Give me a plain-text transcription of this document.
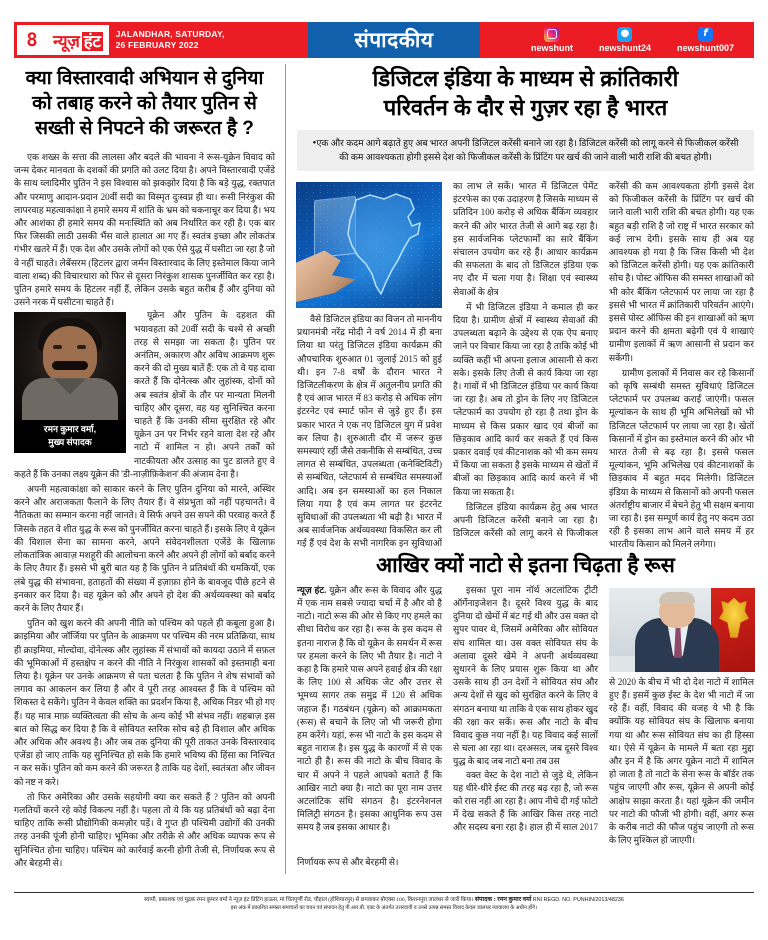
8 न्यूज़ हंट JALANDHAR, SATURDAY,
26 FEBRUARY 2022	संपादकीय	newshunt
●
newshunt24
f
newshunt007
क्या विस्तारवादी अभियान से दुनिया को तबाह करने को तैयार पुतिन से सख्ती से निपटने की जरूरत है ?

एक शख्स के सत्ता की लालसा और बदले की भावना ने रूस-यूक्रेन विवाद को जन्म देकर मानवता के दशकों की प्रगति को उलट दिया है। अपने विस्तारवादी एजेंडे के साथ व्लादिमीर पुतिन ने इस विश्वास को झकझोर दिया है कि बड़े युद्ध, रक्तपात और परमाणु आदान-प्रदान 20वीं सदी का विस्मृत दुःस्वप्न ही था। रूसी निरंकुश की लापरवाह महत्वाकांक्षा ने हमारे समय में शांति के भ्रम को चकनाचूर कर दिया है। भय और आशंका ही हमारे समय की मनःस्थिति को अब निर्धारित कर रही है। एक बार फिर जिसकी लाठी उसकी भैंस वाले हालात आ गए हैं। स्वतंत्र इच्छा और लोकतंत्र गंभीर खतरे में हैं। एक देश और उसके लोगों को एक ऐसे युद्ध में घसीटा जा रहा है जो वे नहीं चाहते। लेबेंसरम (हिटलर द्वारा जर्मन विस्तारवाद के लिए इस्तेमाल किया जाने वाला शब्द) की विचारधारा को फिर से दूसरा निरंकुश शासक पुनर्जीवित कर रहा है। पुतिन हमारे समय के हिटलर नहीं हैं, लेकिन उसके बहुत करीब हैं और दुनिया को उसने नरक में घसीटना चाहते हैं।

रमन कुमार वर्मा,
मुख्य संपादक

यूक्रेन और पुतिन के दहशत की भयावहता को 20वीं सदी के चश्मे से अच्छी तरह से समझा जा सकता है। पुतिन पर अनंतिम, अकारण और अविध आक्रमण शुरू करने की दो मुख्य बातें हैं: एक तो वे यह दावा करते हैं कि दोनेत्स्क और लुहांस्क, दोनों को अब स्वतंत्र क्षेत्रों के तौर पर मान्यता मिलनी चाहिए और दूसरा, वह यह सुनिश्चित करना चाहते हैं कि उनकी सीमा सुरक्षित रहे और यूक्रेन उन पर निर्भर रहने वाला देश रहे और नाटो में शामिल न हो। अपने तर्कों को नाटकीयता और उत्साह का पुट डालते हुए वे कहते हैं कि उनका लक्ष्य यूक्रेन की 'डी-नाज़ीफ़िकेशन' की अंजाम देना है।

अपनी महत्वाकांक्षा को साकार करने के लिए पुतिन दुनिया को मारने, अस्थिर करने और अराजकता फैलाने के लिए तैयार हैं। वे संप्रभुता को नहीं पहचानते। वे नैतिकता का सम्मान करना नहीं जानते। वे सिर्फ अपने उस सपने की परवाह करते हैं जिसके तहत वे शीत युद्ध के रूस को पुनर्जीवित करना चाहते हैं। इसके लिए वे यूक्रेन की विशाल सेना का सामना करने, अपने संवेदनशीलता एजेंडे के खिलाफ़ लोकतांत्रिक आवाज़ मशहूरी की आलोचना करने और अपने ही लोगों को बर्बाद करने के लिए तैयार हैं। इससे भी बुरी बात यह है कि पुतिन ने प्रतिबंधों की धमकियों, एक लंबे युद्ध की संभावना, हताहतों की संख्या में इज़ाफ़ा होने के बावजूद पीछे हटने से इनकार कर दिया है। वह यूक्रेन को और अपने हो देश की अर्थव्यवस्था को बर्बाद करने के लिए तैयार हैं।

पुतिन को खुश करने की अपनी नीति को पश्चिम को पहले ही कबूला हुआ है। क्राइमिया और जॉर्जिया पर पुतिन के आक्रमण पर पश्चिम की नरम प्रतिक्रिया, साथ ही क्राइमिया, मोल्दोवा, दोनेत्स्क और लुहांस्क में संभावों को कायदा उठाने में सफ़ल की भूमिकाओं में हस्तक्षेप न करने की नीति ने निरंकुश शासकों को इस्तमाही बना लिया है। यूक्रेन पर उनके आक्रमण से पता चलता है कि पुतिन ने शेष संभावों को लगाव का आकलन कर लिया है और वे पूरी तरह आश्वस्त हैं कि वे पश्चिम को शिकस्त दे सकेंगे। पुतिन ने केवल शक्ति का प्रदर्शन किया है, अधिक निडर भी हो गए हैं। यह मात्र माफ़ व्यक्तित्वता की सोच के अन्य कोई भी संभव नहीं। शहबाज़ इस बात को सिद्ध कर दिया है कि वे सोवियत स्तरिक सोच बड़े ही विशाल और अधिक और अधिक और अवश्य है। और जब तक दुनिया की पूरी ताकत उनके विस्तारवाद एजेंडा हो जाए ताकि यह सुनिश्चित हो सके कि हमारे भविष्य की हिंसा का निश्चित न कर सकें। पुतिन को कम करने की जरूरत है ताकि यह देशों, स्वतंत्रता और जीवन को नष्ट न करे।

तो फिर अमेरिका और उसके सहयोगी क्या कर सकते हैं ? पुतिन को अपनी गलतियों करने रहे कोई विकल्प नहीं है। पहला तो ये कि यह प्रतिबंधों को बढ़ा देना चाहिए ताकि रूसी प्रौद्योगिकी कमज़ोर पड़ें। वे गुप्त ही पश्चिमी उद्योगों की उनकी तरह उनकी पूंजी होनी चाहिए। भूमिका और तरीक़े से और अधिक व्यापक रूप से सुनिश्चित होना चाहिए। पश्चिम को कार्रवाई करनी होगी तेजी से, निर्णायक रूप से और बेरहमी से।

डिजिटल इंडिया के माध्यम से क्रांतिकारी
परिवर्तन के दौर से गुज़र रहा है भारत
•एक और कदम आगे बढ़ाते हुए अब भारत अपनी डिजिटल करेंसी बनाने जा रहा है। डिजिटल करेंसी को लागू करने से फिजीकल करेंसी की कम आवश्यकता होगी इससे देश को फिजीकल करेंसी के प्रिंटिंग पर खर्च की जाने वाली भारी राशि की बचत होगी।

वैसे डिजिटल इंडिया का विजन तो माननीय प्रधानमंत्री नरेंद्र मोदी ने वर्ष 2014 में ही बना लिया था परंतु डिजिटल इंडिया कार्यक्रम की औपचारिक शुरुआत 01 जुलाई 2015 को हुई थी। इन 7-8 वर्षों के दौरान भारत ने डिजिटलीकरण के क्षेत्र में अतुलनीय प्रगति की है एवं आज भारत में 83 करोड़ से अधिक लोग इंटरनेट एवं स्मार्ट फोन से जुड़े हुए हैं। इस प्रकार भारत ने एक नए डिजिटल युग में प्रवेश कर लिया है। शुरुआती दौर में जरूर कुछ समस्याएं रहीं जैसे तकनीकि से सम्बंधित, उच्च लागत से सम्बंधित, उपलब्धता (कनेक्टिविटी) से सम्बंधित, प्लेटफार्म से सम्बंधित समस्याओं आदि। अब इन समस्याओं का हल निकाल लिया गया है एवं कम लागत पर इंटरनेट सुविधाओं की उपलब्धता भी बढ़ी है। भारत में अब सार्वजनिक अर्थव्यवस्था विकसित कर ली गई हैं एवं देश के सभी नागरिक इन सुविधाओं का लाभ ले सकें। भारत में डिजिटल पेमेंट इंटरफेस का एक उदाहरण है जिसके माध्यम से प्रतिदिन 100 करोड़ से अधिक बैंकिंग व्यवहार करने की ओर भारत तेजी से आगे बढ़ रहा है। इस सार्वजनिक प्लेटफार्मों का सारे बैंकिंग संचालन उपयोग कर रहे हैं। आधार कार्यक्रम की सफलता के बाद तो डिजिटल इंडिया एक नए दौर में चला गया है। शिक्षा एवं स्वास्थ्य सेवाओं के क्षेत्र

में भी डिजिटल इंडिया ने कमाल ही कर दिया है। ग्रामीण क्षेत्रों में स्वास्थ्य सेवाओं की उपलब्धता बढ़ाने के उद्देश्य से एक ऐप बनाए जाने पर विचार किया जा रहा है ताकि कोई भी व्यक्ति कहीं भी अपना इलाज आसानी से करा सके। इसके लिए तेजी से कार्य किया जा रहा है। गांवों में भी डिजिटल इंडिया पर कार्य किया जा रहा है। अब तो ड्रोन के लिए नए डिजिटल प्लेटफार्म का उपयोग हो रहा है तथा ड्रोन के माध्यम से किस प्रकार खाद एवं बीजों का छिड़काव आदि कार्य कर सकते हैं एवं किस प्रकार दवाई एवं कीटनाशक को भी कम समय में किया जा सकता है इसके माध्यम से खेतों में बीजों का छिड़काव आदि कार्य करने में भी किया जा सकता है।

डिजिटल इंडिया कार्यक्रम हेतु अब भारत अपनी डिजिटल करेंसी बनाने जा रहा है। डिजिटल करेंसी को लागू करने से फिजीकल करेंसी की कम आवश्यकता होगी इससे देश को फिजीकल करेंसी के प्रिंटिंग पर खर्च की जाने वाली भारी राशि की बचत होगी। यह एक बहुत बड़ी राशि है जो राष्ट्र में भारत सरकार को कई लाभ देगी। इसके साथ ही अब यह आवश्यक हो गया है कि जिस किसी भी देश को डिजिटल करेंसी होगी। यह एक क्रांतिकारी सोच है। पोस्ट ऑफिस की समस्त शाखाओं को भी कोर बैंकिंग प्लेटफार्म पर लाया जा रहा है इससे भी भारत में क्रांतिकारी परिवर्तन आएंगे। इससे पोस्ट ऑफिस की इन शाखाओं को ऋण प्रदान करने की क्षमता बढ़ेगी एवं ये शाखाएं ग्रामीण इलाकों में ऋण आसानी से प्रदान कर सकेंगी।

ग्रामीण इलाकों में निवास कर रहे किसानों को कृषि सम्बंधी समस्त सुविधाएं डिजिटल प्लेटफार्म पर उपलब्ध कराई जाएंगी। फसल मूल्यांकन के साथ ही भूमि अभिलेखों को भी डिजिटल प्लेटफार्म पर लाया जा रहा है। खेतों किसानों में ड्रोन का इस्तेमाल करने की ओर भी भारत तेजी से बढ़ रहा है। इससे फसल मूल्यांकन, भूमि अभिलेख एवं कीटनाशकों के छिड़काव में बहुत मदद मिलेगी। डिजिटल इंडिया के माध्यम से किसानों को अपनी फसल अंतर्राष्ट्रीय बाजार में बेचने हेतु भी सक्षम बनाया जा रहा है। इस सम्पूर्ण कार्य हेतु नए कदम उठा रही है इसका लाभ आने वाले समय में हर भारतीय किसान को मिलने लगेगा।

आखिर क्यों नाटो से इतना चिढ़ता है रूस

न्यूज़ हंट. यूक्रेन और रूस के विवाद और युद्ध में एक नाम सबसे ज्यादा चर्चा में है और वो है नाटो। नाटो रूस की ओर से किए गए हमले का सीधा विरोध कर रहा है। रूस के इस कदम से इतना नाराज है कि वो यूक्रेन के समर्थन में रूस पर हमला करने के लिए भी तैयार है। नाटो ने कहा है कि हमारे पास अपने हवाई क्षेत्र की रक्षा के लिए 100 से अधिक जेट और उत्तर से भूमध्य सागर तक समुद्र में 120 से अधिक जहाज हैं। गठबंधन (यूक्रेन) को आक्रामकता (रूस) से बचाने के लिए जो भी जरूरी होगा हम करेंगे। यहां, रूस भी नाटो के इस कदम से बहुत नाराज है। इस युद्ध के कारणों में से एक नाटो ही है। रूस की नाटो के बीच विवाद के चार में अपने ने पहले आपको बताते हैं कि आखिर नाटो क्या है। नाटो का पूरा नाम उत्तर अटलांटिक संधि संगठन है। इंटरनेशनल मिलिट्री संगठन है। इसका आधुनिक रूप उस समय है जब इसका आधार है।

इसका पूरा नाम नॉर्थ अटलांटिक ट्रीटी ऑर्गेनाइजेशन है। दूसरे विश्व युद्ध के बाद दुनिया दो खेमों में बंट गई थी और उस वक्त दो सुपर पावर थे, जिसमें अमेरिका और सोवियत संघ शामिल था। उस वक्त सोवियत संघ के अलावा दूसरे खेमे ने अपनी अर्थव्यवस्था सुधारने के लिए प्रयास शुरू किया था और उसके साथ ही उन देशों ने सोवियत संघ और अन्य देशों से खुद को सुरक्षित करने के लिए वे संगठन बनाया था ताकि वे एक साथ होकर खुद की रक्षा कर सकें। रूस और नाटो के बीच विवाद कुछ नया नहीं है। यह विवाद कई सालों से चला आ रहा था। दरअसल, जब दूसरे विश्व युद्ध के बाद जब नाटो बना तब उस

वक्त वेस्ट के देश नाटो से जुड़े थे, लेकिन यह धीरे-धीरे ईस्ट की तरह बढ़ रहा है, जो रूस को रास नहीं आ रहा है। आप नीचे दी गई फोटो में देख सकते हैं कि आखिर किस तरह नाटो और सदस्य बना रहा है। हाल ही में साल 2017 से 2020 के बीच में भी दो देश नाटो में शामिल हुए हैं। इसमें कुछ ईस्ट के देश भी नाटो में जा रहे हैं। वहीं, विवाद की वजह ये भी है कि क्योंकि यह सोवियत संघ के खिलाफ बनाया गया था और रूस सोवियत संघ का ही हिस्सा था। ऐसे में यूक्रेन के मामले में बता रहा मुद्दा और इन में है कि अगर यूक्रेन नाटो में शामिल हो जाता है तो नाटो के सेना रूस के बॉर्डर तक पहुंच जाएगी और रूस, यूक्रेन से अपनी कोई आक्षेप साझा करता है। यहां यूक्रेन की जमीन पर नाटो की फौजी भी होगी। वहीं, अगर रूस के करीब नाटो की फौज पहुंच जाएगी तो रूस के लिए मुश्किल हो जाएगी।

निर्णायक रूप से और बेरहमी से।

स्वामी, प्रकाशक एवं मुद्रक रमन कुमार वर्मा ने न्यूज़ हंट प्रिंटिंग हाऊस, मां चिंतपूर्णी रोड, चौहाल (होशियारपुर) से छपवाकर बोएक्स 106, किशनपुरा जालंधर से जारी किया। संपादक : रमन कुमार वर्मा RNI REGD. NO. PUNHIN/2013/48236
इस अंक में प्रकाशित समस्त समाचारों का चयन एवं संपादन हेतु पी.आर.बी. एक्ट के अंतर्गत उत्तरदायी व उनसे उत्पन्न समस्त विवाद केवल जालंधर न्यायालय के अधीन होंगे।
